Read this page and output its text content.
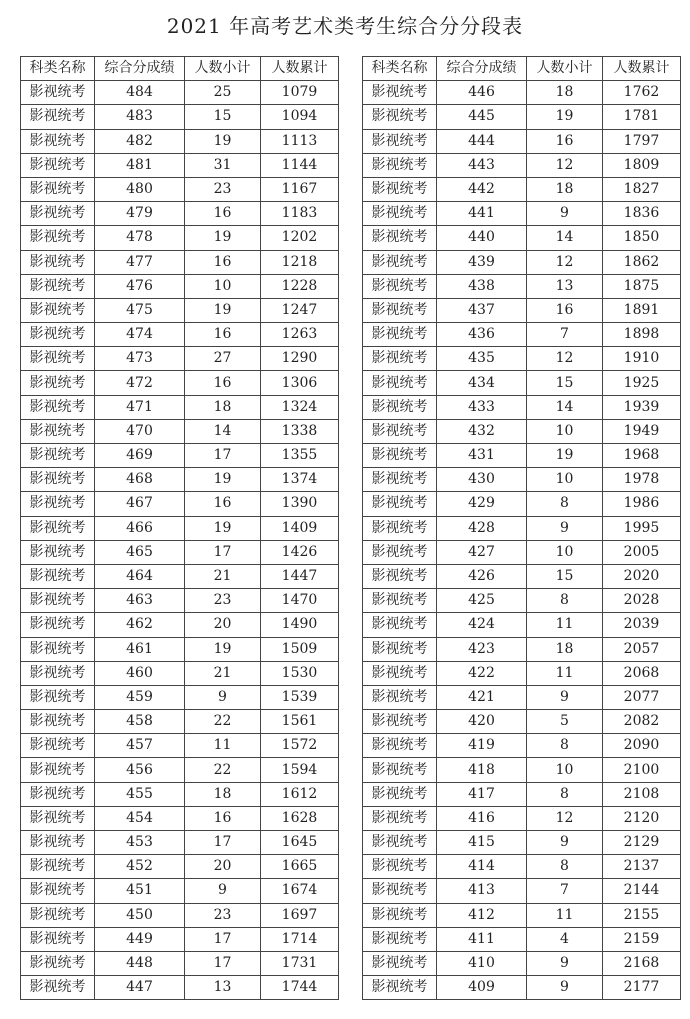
2021 年高考艺术类考生综合分分段表
科类名称	综合分成绩	人数小计	人数累计
影视统考	484	25	1079
影视统考	483	15	1094
影视统考	482	19	1113
影视统考	481	31	1144
影视统考	480	23	1167
影视统考	479	16	1183
影视统考	478	19	1202
影视统考	477	16	1218
影视统考	476	10	1228
影视统考	475	19	1247
影视统考	474	16	1263
影视统考	473	27	1290
影视统考	472	16	1306
影视统考	471	18	1324
影视统考	470	14	1338
影视统考	469	17	1355
影视统考	468	19	1374
影视统考	467	16	1390
影视统考	466	19	1409
影视统考	465	17	1426
影视统考	464	21	1447
影视统考	463	23	1470
影视统考	462	20	1490
影视统考	461	19	1509
影视统考	460	21	1530
影视统考	459	9	1539
影视统考	458	22	1561
影视统考	457	11	1572
影视统考	456	22	1594
影视统考	455	18	1612
影视统考	454	16	1628
影视统考	453	17	1645
影视统考	452	20	1665
影视统考	451	9	1674
影视统考	450	23	1697
影视统考	449	17	1714
影视统考	448	17	1731
影视统考	447	13	1744
科类名称	综合分成绩	人数小计	人数累计
影视统考	446	18	1762
影视统考	445	19	1781
影视统考	444	16	1797
影视统考	443	12	1809
影视统考	442	18	1827
影视统考	441	9	1836
影视统考	440	14	1850
影视统考	439	12	1862
影视统考	438	13	1875
影视统考	437	16	1891
影视统考	436	7	1898
影视统考	435	12	1910
影视统考	434	15	1925
影视统考	433	14	1939
影视统考	432	10	1949
影视统考	431	19	1968
影视统考	430	10	1978
影视统考	429	8	1986
影视统考	428	9	1995
影视统考	427	10	2005
影视统考	426	15	2020
影视统考	425	8	2028
影视统考	424	11	2039
影视统考	423	18	2057
影视统考	422	11	2068
影视统考	421	9	2077
影视统考	420	5	2082
影视统考	419	8	2090
影视统考	418	10	2100
影视统考	417	8	2108
影视统考	416	12	2120
影视统考	415	9	2129
影视统考	414	8	2137
影视统考	413	7	2144
影视统考	412	11	2155
影视统考	411	4	2159
影视统考	410	9	2168
影视统考	409	9	2177
